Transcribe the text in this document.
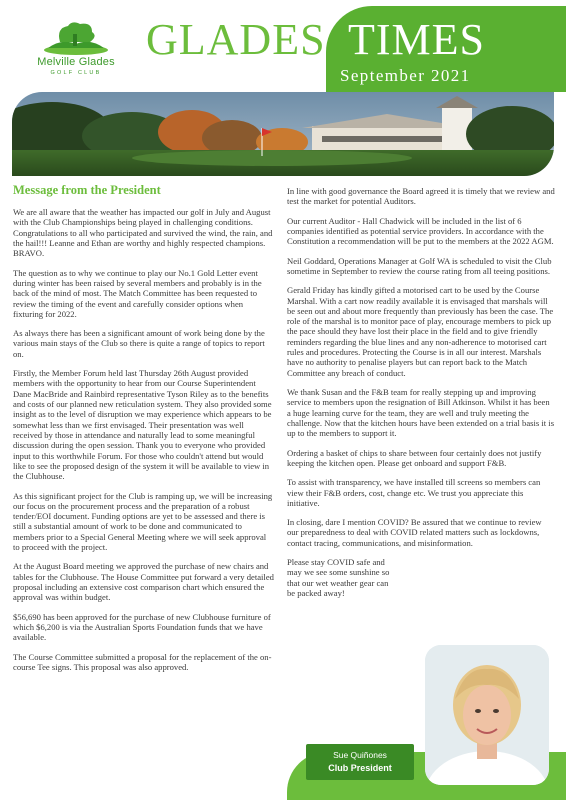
Melville Glades
GOLF CLUB
GLADES TIMES
September 2021
Message from the President

We are all aware that the weather has impacted our golf in July and August with the Club Championships being played in challenging conditions. Congratulations to all who participated and survived the wind, the rain, and the hail!!! Leanne and Ethan are worthy and highly respected champions. BRAVO.

The question as to why we continue to play our No.1 Gold Letter event during winter has been raised by several members and probably is in the back of the mind of most. The Match Committee has been requested to review the timing of the event and carefully consider options when fixturing for 2022.

As always there has been a significant amount of work being done by the various main stays of the Club so there is quite a range of topics to report on.

Firstly, the Member Forum held last Thursday 26th August provided members with the opportunity to hear from our Course Superintendent Dane MacBride and Rainbird representative Tyson Riley as to the benefits and costs of our planned new reticulation system. They also provided some insight as to the level of disruption we may experience which appears to be somewhat less than we first envisaged. Their presentation was well received by those in attendance and naturally lead to some meaningful discussion during the open session. Thank you to everyone who provided input to this worthwhile Forum. For those who couldn't attend but would like to see the proposed design of the system it will be available to view in the Clubhouse.

As this significant project for the Club is ramping up, we will be increasing our focus on the procurement process and the preparation of a robust tender/EOI document. Funding options are yet to be assessed and there is still a substantial amount of work to be done and communicated to members prior to a Special General Meeting where we will seek approval to proceed with the project.

At the August Board meeting we approved the purchase of new chairs and tables for the Clubhouse. The House Committee put forward a very detailed proposal including an extensive cost comparison chart which ensured the approval was within budget.

$56,690 has been approved for the purchase of new Clubhouse furniture of which $6,200 is via the Australian Sports Foundation funds that we have available.

The Course Committee submitted a proposal for the replacement of the on-course Tee signs. This proposal was also approved.

In line with good governance the Board agreed it is timely that we review and test the market for potential Auditors.

Our current Auditor - Hall Chadwick will be included in the list of 6 companies identified as potential service providers. In accordance with the Constitution a recommendation will be put to the members at the 2022 AGM.

Neil Goddard, Operations Manager at Golf WA is scheduled to visit the Club sometime in September to review the course rating from all teeing positions.

Gerald Friday has kindly gifted a motorised cart to be used by the Course Marshal. With a cart now readily available it is envisaged that marshals will be seen out and about more frequently than previously has been the case. The role of the marshal is to monitor pace of play, encourage members to pick up the pace should they have lost their place in the field and to give friendly reminders regarding the blue lines and any non-adherence to motorised cart rules and procedures. Protecting the Course is in all our interest. Marshals have no authority to penalise players but can report back to the Match Committee any breach of conduct.

We thank Susan and the F&B team for really stepping up and improving service to members upon the resignation of Bill Atkinson. Whilst it has been a huge learning curve for the team, they are well and truly meeting the challenge. Now that the kitchen hours have been extended on a trial basis it is up to the members to support it.

Ordering a basket of chips to share between four certainly does not justify keeping the kitchen open. Please get onboard and support F&B.

To assist with transparency, we have installed till screens so members can view their F&B orders, cost, change etc. We trust you appreciate this initiative.

In closing, dare I mention COVID? Be assured that we continue to review our preparedness to deal with COVID related matters such as lockdowns, contact tracing, communications, and misinformation.

Please stay COVID safe and
may we see some sunshine so
that our wet weather gear can
be packed away!

Sue Quiñones
Club President
